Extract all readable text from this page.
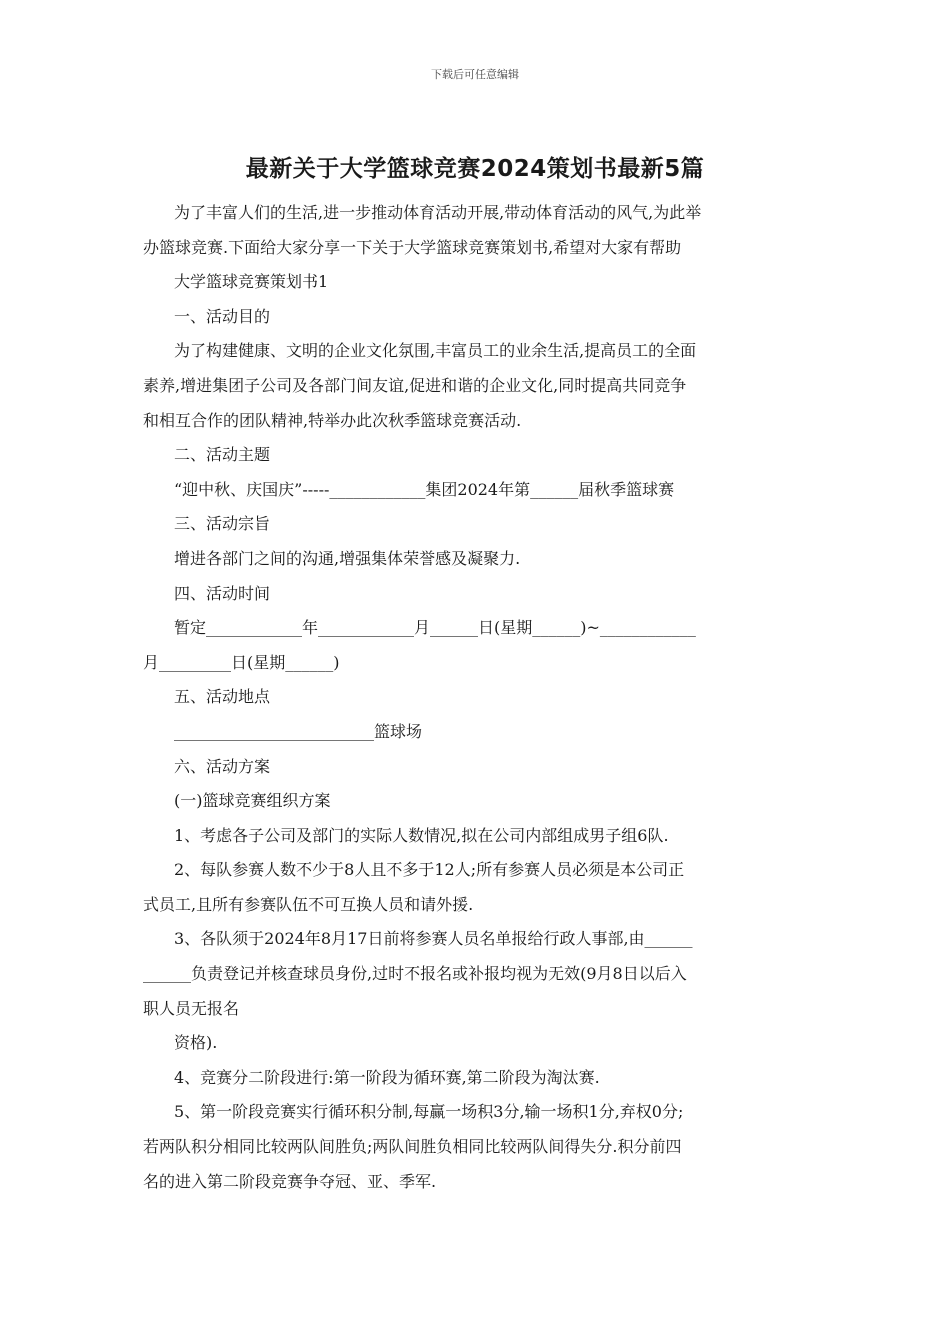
下载后可任意编辑
最新关于大学篮球竞赛2024策划书最新5篇

为了丰富人们的生活,进一步推动体育活动开展,带动体育活动的风气,为此举

办篮球竞赛.下面给大家分享一下关于大学篮球竞赛策划书,希望对大家有帮助

大学篮球竞赛策划书1

一、活动目的

为了构建健康、文明的企业文化氛围,丰富员工的业余生活,提高员工的全面

素养,增进集团子公司及各部门间友谊,促进和谐的企业文化,同时提高共同竞争

和相互合作的团队精神,特举办此次秋季篮球竞赛活动.

二、活动主题

“迎中秋、庆国庆”-----____________集团2024年第______届秋季篮球赛

三、活动宗旨

增进各部门之间的沟通,增强集体荣誉感及凝聚力.

四、活动时间

暂定____________年____________月______日(星期______)~____________

月_________日(星期______)

五、活动地点

_________________________篮球场

六、活动方案

(一)篮球竞赛组织方案

1、考虑各子公司及部门的实际人数情况,拟在公司内部组成男子组6队.

2、每队参赛人数不少于8人且不多于12人;所有参赛人员必须是本公司正

式员工,且所有参赛队伍不可互换人员和请外援.

3、各队须于2024年8月17日前将参赛人员名单报给行政人事部,由______

______负责登记并核查球员身份,过时不报名或补报均视为无效(9月8日以后入

职人员无报名

资格).

4、竞赛分二阶段进行:第一阶段为循环赛,第二阶段为淘汰赛.

5、第一阶段竞赛实行循环积分制,每赢一场积3分,输一场积1分,弃权0分;

若两队积分相同比较两队间胜负;两队间胜负相同比较两队间得失分.积分前四

名的进入第二阶段竞赛争夺冠、亚、季军.
